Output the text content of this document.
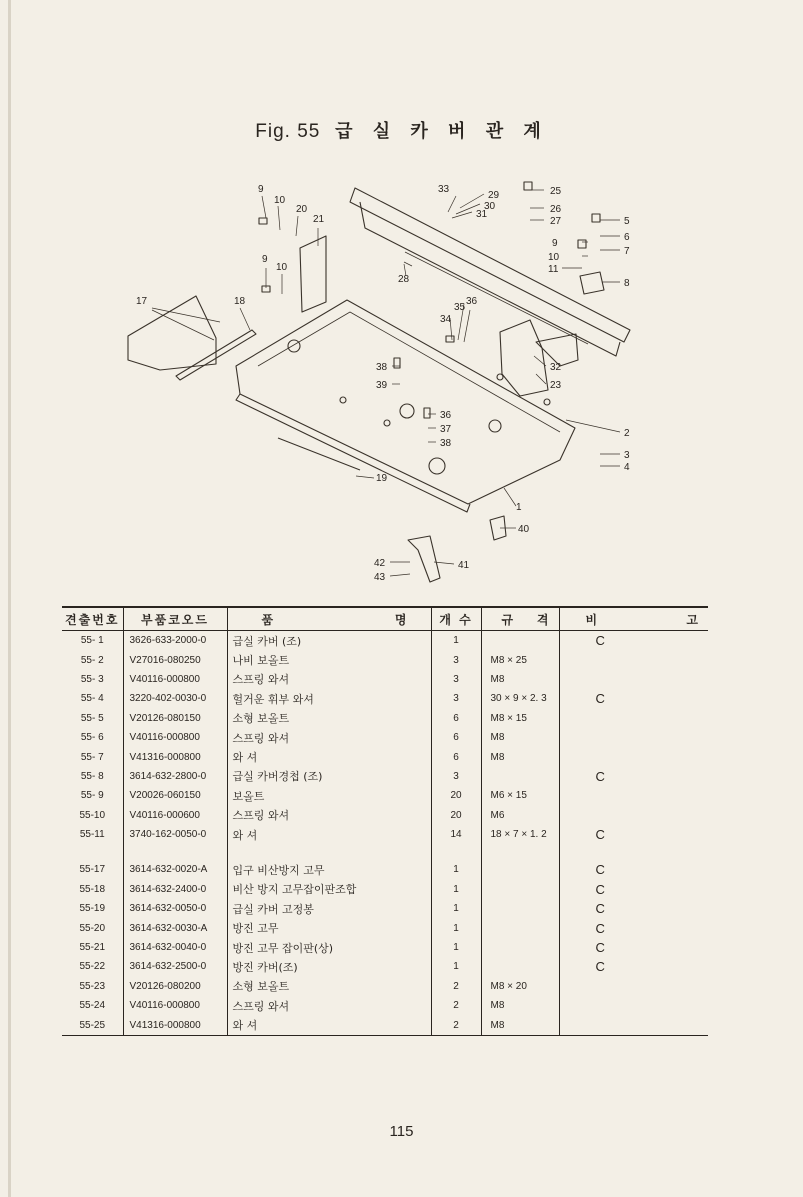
Fig. 55 급 실 카 버 관 계
9
10
20
21
9
10
17	18
28
33
29
30
31
25
26
27	5
6
7
9
10
11
8
34
35
36
32
23
38
39
36
37
38
2
3
4
19
1
40
41
42
43
견출번호	부품코오드	품 명	개 수	규 격	비 고

55- 1	3626-633-2000-0	급실 카버 (조)	1		C
55- 2	V27016-080250	나비 보올트	3	M8 × 25	
55- 3	V40116-000800	스프링 와셔	3	M8	
55- 4	3220-402-0030-0	헐거운 휘부 와셔	3	30 × 9 × 2. 3	C
55- 5	V20126-080150	소형 보올트	6	M8 × 15	
55- 6	V40116-000800	스프링 와셔	6	M8	
55- 7	V41316-000800	와 셔	6	M8	
55- 8	3614-632-2800-0	급실 카버경첩 (조)	3		C
55- 9	V20026-060150	보올트	20	M6 × 15	
55-10	V40116-000600	스프링 와셔	20	M6	
55-11	3740-162-0050-0	와 셔	14	18 × 7 × 1. 2	C

55-17	3614-632-0020-A	입구 비산방지 고무	1		C
55-18	3614-632-2400-0	비산 방지 고무잡이판조합	1		C
55-19	3614-632-0050-0	급실 카버 고정봉	1		C
55-20	3614-632-0030-A	방진 고무	1		C
55-21	3614-632-0040-0	방진 고무 잡이판(상)	1		C
55-22	3614-632-2500-0	방진 카버(조)	1		C
55-23	V20126-080200	소형 보올트	2	M8 × 20	
55-24	V40116-000800	스프링 와셔	2	M8	
55-25	V41316-000800	와 셔	2	M8	
115
